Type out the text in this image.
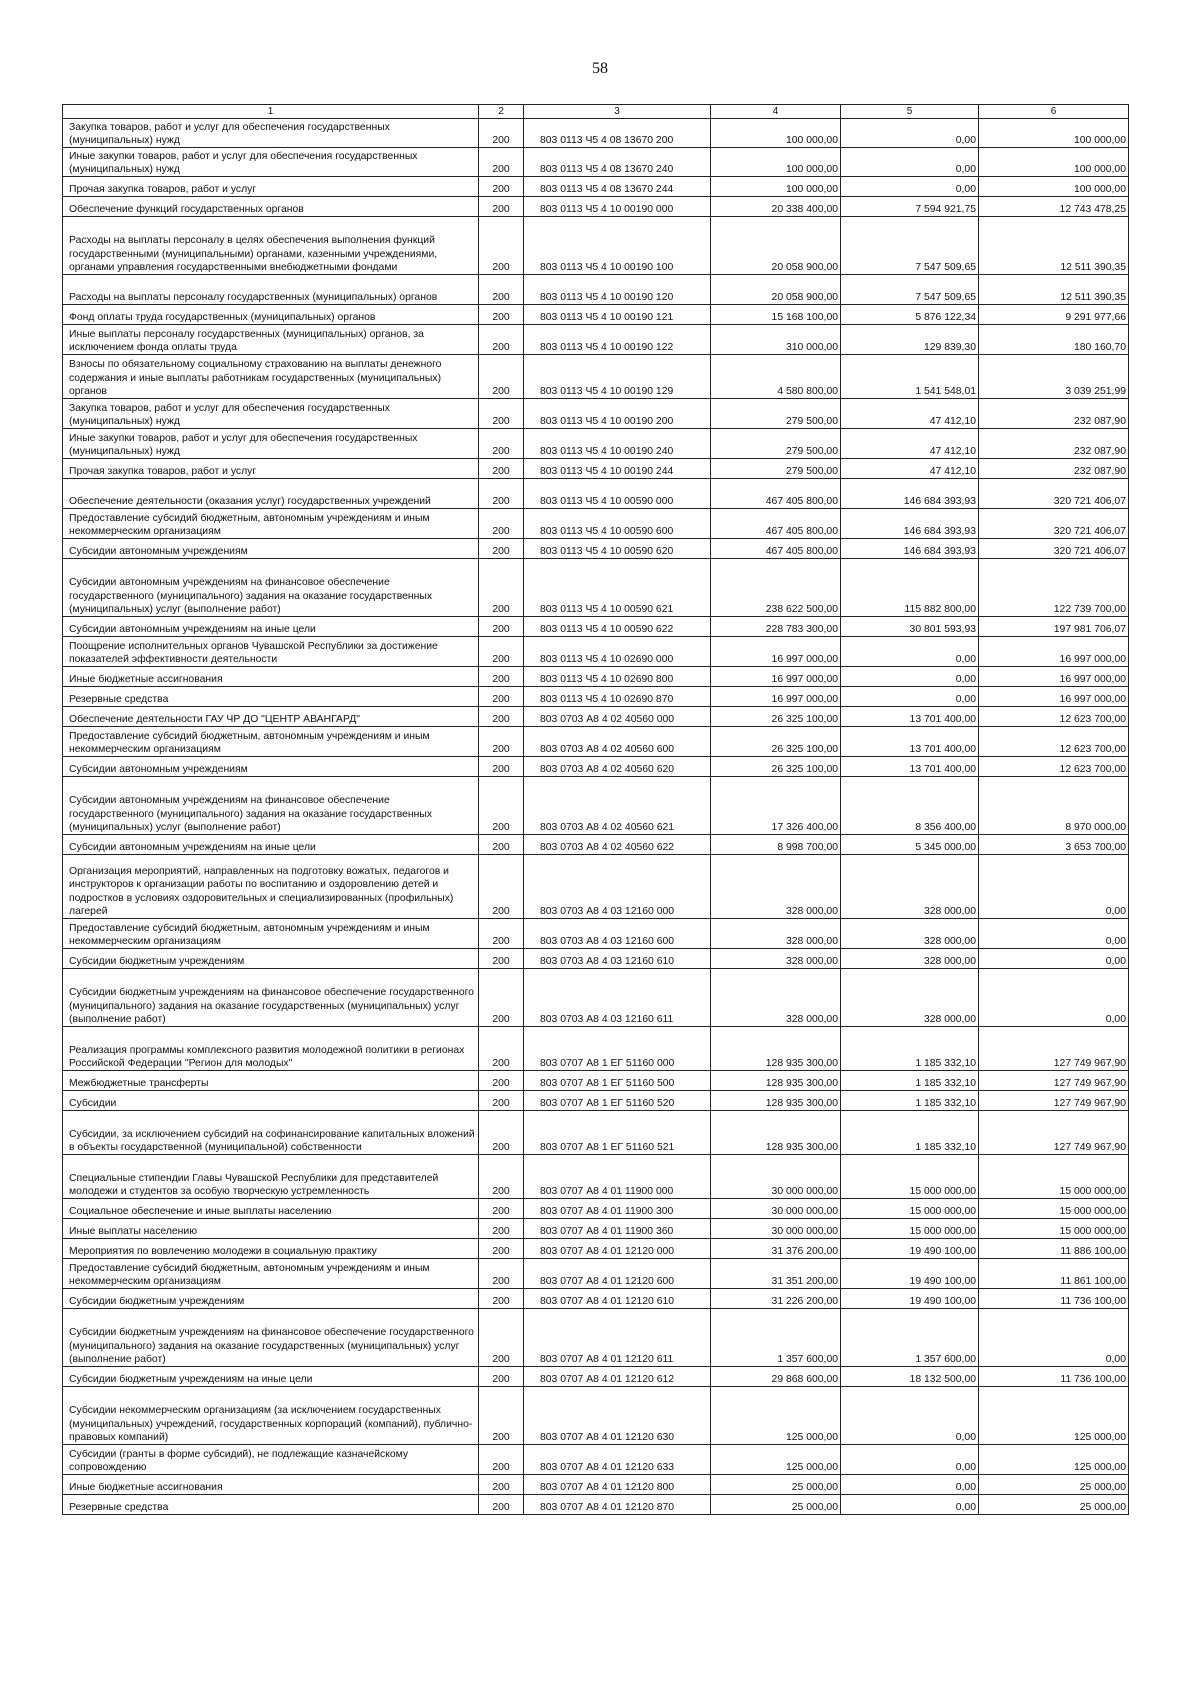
58
1	2	3	4	5	6
Закупка товаров, работ и услуг для обеспечения государственных (муниципальных) нужд	200	803 0113 Ч5 4 08 13670 200	100 000,00	0,00	100 000,00
Иные закупки товаров, работ и услуг для обеспечения государственных (муниципальных) нужд	200	803 0113 Ч5 4 08 13670 240	100 000,00	0,00	100 000,00
Прочая закупка товаров, работ и услуг	200	803 0113 Ч5 4 08 13670 244	100 000,00	0,00	100 000,00
Обеспечение функций государственных органов	200	803 0113 Ч5 4 10 00190 000	20 338 400,00	7 594 921,75	12 743 478,25
Расходы на выплаты персоналу в целях обеспечения выполнения функций государственными (муниципальными) органами, казенными учреждениями, органами управления государственными внебюджетными фондами	200	803 0113 Ч5 4 10 00190 100	20 058 900,00	7 547 509,65	12 511 390,35
Расходы на выплаты персоналу государственных (муниципальных) органов	200	803 0113 Ч5 4 10 00190 120	20 058 900,00	7 547 509,65	12 511 390,35
Фонд оплаты труда государственных (муниципальных) органов	200	803 0113 Ч5 4 10 00190 121	15 168 100,00	5 876 122,34	9 291 977,66
Иные выплаты персоналу государственных (муниципальных) органов, за исключением фонда оплаты труда	200	803 0113 Ч5 4 10 00190 122	310 000,00	129 839,30	180 160,70
Взносы по обязательному социальному страхованию на выплаты денежного содержания и иные выплаты работникам государственных (муниципальных) органов	200	803 0113 Ч5 4 10 00190 129	4 580 800,00	1 541 548,01	3 039 251,99
Закупка товаров, работ и услуг для обеспечения государственных (муниципальных) нужд	200	803 0113 Ч5 4 10 00190 200	279 500,00	47 412,10	232 087,90
Иные закупки товаров, работ и услуг для обеспечения государственных (муниципальных) нужд	200	803 0113 Ч5 4 10 00190 240	279 500,00	47 412,10	232 087,90
Прочая закупка товаров, работ и услуг	200	803 0113 Ч5 4 10 00190 244	279 500,00	47 412,10	232 087,90
Обеспечение деятельности (оказания услуг) государственных учреждений	200	803 0113 Ч5 4 10 00590 000	467 405 800,00	146 684 393,93	320 721 406,07
Предоставление субсидий бюджетным, автономным учреждениям и иным некоммерческим организациям	200	803 0113 Ч5 4 10 00590 600	467 405 800,00	146 684 393,93	320 721 406,07
Субсидии автономным учреждениям	200	803 0113 Ч5 4 10 00590 620	467 405 800,00	146 684 393,93	320 721 406,07
Субсидии автономным учреждениям на финансовое обеспечение государственного (муниципального) задания на оказание государственных (муниципальных) услуг (выполнение работ)	200	803 0113 Ч5 4 10 00590 621	238 622 500,00	115 882 800,00	122 739 700,00
Субсидии автономным учреждениям на иные цели	200	803 0113 Ч5 4 10 00590 622	228 783 300,00	30 801 593,93	197 981 706,07
Поощрение исполнительных органов Чувашской Республики за достижение показателей эффективности деятельности	200	803 0113 Ч5 4 10 02690 000	16 997 000,00	0,00	16 997 000,00
Иные бюджетные ассигнования	200	803 0113 Ч5 4 10 02690 800	16 997 000,00	0,00	16 997 000,00
Резервные средства	200	803 0113 Ч5 4 10 02690 870	16 997 000,00	0,00	16 997 000,00
Обеспечение деятельности ГАУ ЧР ДО "ЦЕНТР АВАНГАРД"	200	803 0703 А8 4 02 40560 000	26 325 100,00	13 701 400,00	12 623 700,00
Предоставление субсидий бюджетным, автономным учреждениям и иным некоммерческим организациям	200	803 0703 А8 4 02 40560 600	26 325 100,00	13 701 400,00	12 623 700,00
Субсидии автономным учреждениям	200	803 0703 А8 4 02 40560 620	26 325 100,00	13 701 400,00	12 623 700,00
Субсидии автономным учреждениям на финансовое обеспечение государственного (муниципального) задания на оказание государственных (муниципальных) услуг (выполнение работ)	200	803 0703 А8 4 02 40560 621	17 326 400,00	8 356 400,00	8 970 000,00
Субсидии автономным учреждениям на иные цели	200	803 0703 А8 4 02 40560 622	8 998 700,00	5 345 000,00	3 653 700,00
Организация мероприятий, направленных на подготовку вожатых, педагогов и инструкторов к организации работы по воспитанию и оздоровлению детей и подростков в условиях оздоровительных и специализированных (профильных) лагерей	200	803 0703 А8 4 03 12160 000	328 000,00	328 000,00	0,00
Предоставление субсидий бюджетным, автономным учреждениям и иным некоммерческим организациям	200	803 0703 А8 4 03 12160 600	328 000,00	328 000,00	0,00
Субсидии бюджетным учреждениям	200	803 0703 А8 4 03 12160 610	328 000,00	328 000,00	0,00
Субсидии бюджетным учреждениям на финансовое обеспечение государственного (муниципального) задания на оказание государственных (муниципальных) услуг (выполнение работ)	200	803 0703 А8 4 03 12160 611	328 000,00	328 000,00	0,00
Реализация программы комплексного развития молодежной политики в регионах Российской Федерации "Регион для молодых"	200	803 0707 А8 1 ЕГ 51160 000	128 935 300,00	1 185 332,10	127 749 967,90
Межбюджетные трансферты	200	803 0707 А8 1 ЕГ 51160 500	128 935 300,00	1 185 332,10	127 749 967,90
Субсидии	200	803 0707 А8 1 ЕГ 51160 520	128 935 300,00	1 185 332,10	127 749 967,90
Субсидии, за исключением субсидий на софинансирование капитальных вложений в объекты государственной (муниципальной) собственности	200	803 0707 А8 1 ЕГ 51160 521	128 935 300,00	1 185 332,10	127 749 967,90
Специальные стипендии Главы Чувашской Республики для представителей молодежи и студентов за особую творческую устремленность	200	803 0707 А8 4 01 11900 000	30 000 000,00	15 000 000,00	15 000 000,00
Социальное обеспечение и иные выплаты населению	200	803 0707 А8 4 01 11900 300	30 000 000,00	15 000 000,00	15 000 000,00
Иные выплаты населению	200	803 0707 А8 4 01 11900 360	30 000 000,00	15 000 000,00	15 000 000,00
Мероприятия по вовлечению молодежи в социальную практику	200	803 0707 А8 4 01 12120 000	31 376 200,00	19 490 100,00	11 886 100,00
Предоставление субсидий бюджетным, автономным учреждениям и иным некоммерческим организациям	200	803 0707 А8 4 01 12120 600	31 351 200,00	19 490 100,00	11 861 100,00
Субсидии бюджетным учреждениям	200	803 0707 А8 4 01 12120 610	31 226 200,00	19 490 100,00	11 736 100,00
Субсидии бюджетным учреждениям на финансовое обеспечение государственного (муниципального) задания на оказание государственных (муниципальных) услуг (выполнение работ)	200	803 0707 А8 4 01 12120 611	1 357 600,00	1 357 600,00	0,00
Субсидии бюджетным учреждениям на иные цели	200	803 0707 А8 4 01 12120 612	29 868 600,00	18 132 500,00	11 736 100,00
Субсидии некоммерческим организациям (за исключением государственных (муниципальных) учреждений, государственных корпораций (компаний), публично-правовых компаний)	200	803 0707 А8 4 01 12120 630	125 000,00	0,00	125 000,00
Субсидии (гранты в форме субсидий), не подлежащие казначейскому сопровождению	200	803 0707 А8 4 01 12120 633	125 000,00	0,00	125 000,00
Иные бюджетные ассигнования	200	803 0707 А8 4 01 12120 800	25 000,00	0,00	25 000,00
Резервные средства	200	803 0707 А8 4 01 12120 870	25 000,00	0,00	25 000,00
